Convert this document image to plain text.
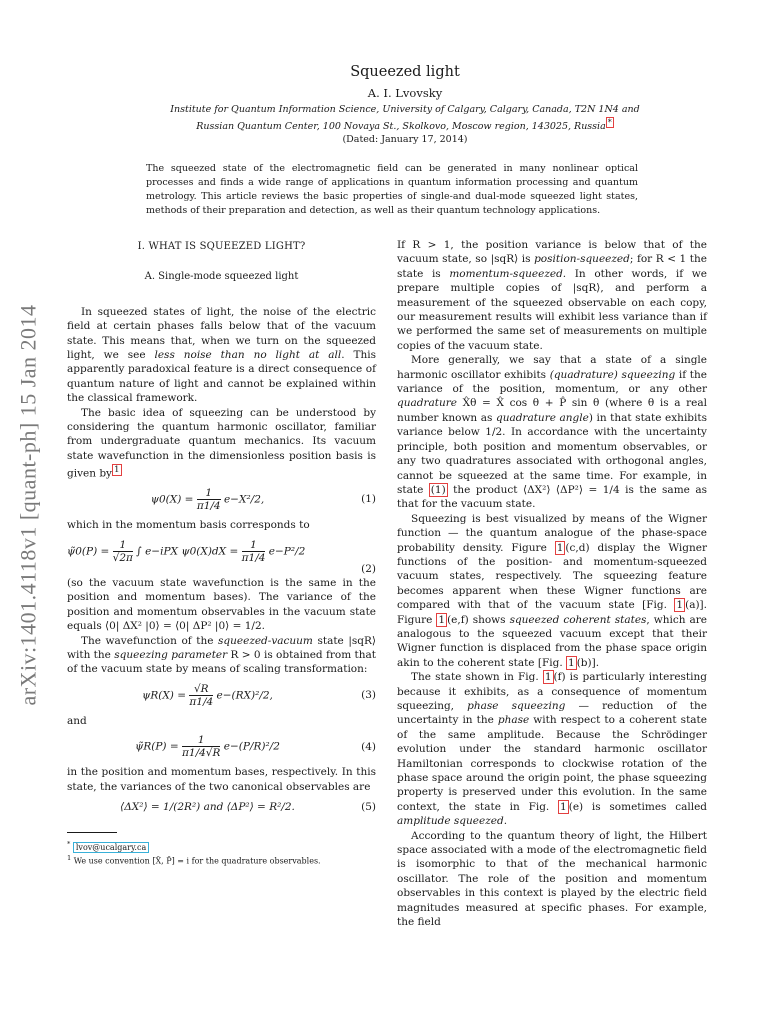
arXiv:1401.4118v1 [quant-ph] 15 Jan 2014
Squeezed light
A. I. Lvovsky

Institute for Quantum Information Science, University of Calgary, Calgary, Canada, T2N 1N4 and
Russian Quantum Center, 100 Novaya St., Skolkovo, Moscow region, 143025, Russia *

(Dated: January 17, 2014)

The squeezed state of the electromagnetic field can be generated in many nonlinear optical processes and finds a wide range of applications in quantum information processing and quantum metrology. This article reviews the basic properties of single-and dual-mode squeezed light states, methods of their preparation and detection, as well as their quantum technology applications.
I. WHAT IS SQUEEZED LIGHT?
A. Single-mode squeezed light

In squeezed states of light, the noise of the electric field at certain phases falls below that of the vacuum state. This means that, when we turn on the squeezed light, we see less noise than no light at all. This apparently paradoxical feature is a direct consequence of quantum nature of light and cannot be explained within the classical framework.

The basic idea of squeezing can be understood by considering the quantum harmonic oscillator, familiar from undergraduate quantum mechanics. Its vacuum state wavefunction in the dimensionless position basis is given by $^1$

$\psi 0(X) = \frac{1}{\pi 1/4} e-X^2/2$,	(1)

which in the momentum basis corresponds to

ψ̃0(P) = $\frac{1}{√2\pi}$ ∫ e−iPX $\psi 0(X)dX = \frac{1}{\pi 1/4} e-P^2/2$
(2)

(so the vacuum state wavefunction is the same in the position and momentum bases). The variance of the position and momentum observables in the vacuum state equals ⟨0| ΔX² |0⟩ = ⟨0| ΔP² |0⟩ = 1/2.

The wavefunction of the squeezed-vacuum state |sqR⟩ with the squeezing parameter R > 0 is obtained from that of the vacuum state by means of scaling transformation:

$\psi R(X) = \frac{√R}{\pi 1/4} e-(RX)^2/2$,	(3)

and

ψ̃R(P) = $\frac{1}{\pi 1/4√R} e-(P/R)^2/2$	(4)

in the position and momentum bases, respectively. In this state, the variances of the two canonical observables are

⟨ΔX²⟩ = 1/(2R²) and ⟨ΔP²⟩ = R²/2.	(5)

* lvov@ucalgary.ca

$^1$ We use convention [X̂, P̂] = i for the quadrature observables.

If R > 1, the position variance is below that of the vacuum state, so |sqR⟩ is position-squeezed; for R < 1 the state is momentum-squeezed. In other words, if we prepare multiple copies of |sqR⟩, and perform a measurement of the squeezed observable on each copy, our measurement results will exhibit less variance than if we performed the same set of measurements on multiple copies of the vacuum state.

More generally, we say that a state of a single harmonic oscillator exhibits (quadrature) squeezing if the variance of the position, momentum, or any other quadrature X̂θ = X̂ cos θ + P̂ sin θ (where θ is a real number known as quadrature angle) in that state exhibits variance below 1/2. In accordance with the uncertainty principle, both position and momentum observables, or any two quadratures associated with orthogonal angles, cannot be squeezed at the same time. For example, in state (1) the product ⟨ΔX²⟩ ⟨ΔP²⟩ = 1/4 is the same as that for the vacuum state.

Squeezing is best visualized by means of the Wigner function — the quantum analogue of the phase-space probability density. Figure 1 (c,d) display the Wigner functions of the position- and momentum-squeezed vacuum states, respectively. The squeezing feature becomes apparent when these Wigner functions are compared with that of the vacuum state [Fig. 1 (a)]. Figure 1 (e,f) shows squeezed coherent states, which are analogous to the squeezed vacuum except that their Wigner function is displaced from the phase space origin akin to the coherent state [Fig. 1 (b)].

The state shown in Fig. 1 (f) is particularly interesting because it exhibits, as a consequence of momentum squeezing, phase squeezing — reduction of the uncertainty in the phase with respect to a coherent state of the same amplitude. Because the Schrödinger evolution under the standard harmonic oscillator Hamiltonian corresponds to clockwise rotation of the phase space around the origin point, the phase squeezing property is preserved under this evolution. In the same context, the state in Fig. 1 (e) is sometimes called amplitude squeezed.

According to the quantum theory of light, the Hilbert space associated with a mode of the electromagnetic field is isomorphic to that of the mechanical harmonic oscillator. The role of the position and momentum observables in this context is played by the electric field magnitudes measured at specific phases. For example, the field
